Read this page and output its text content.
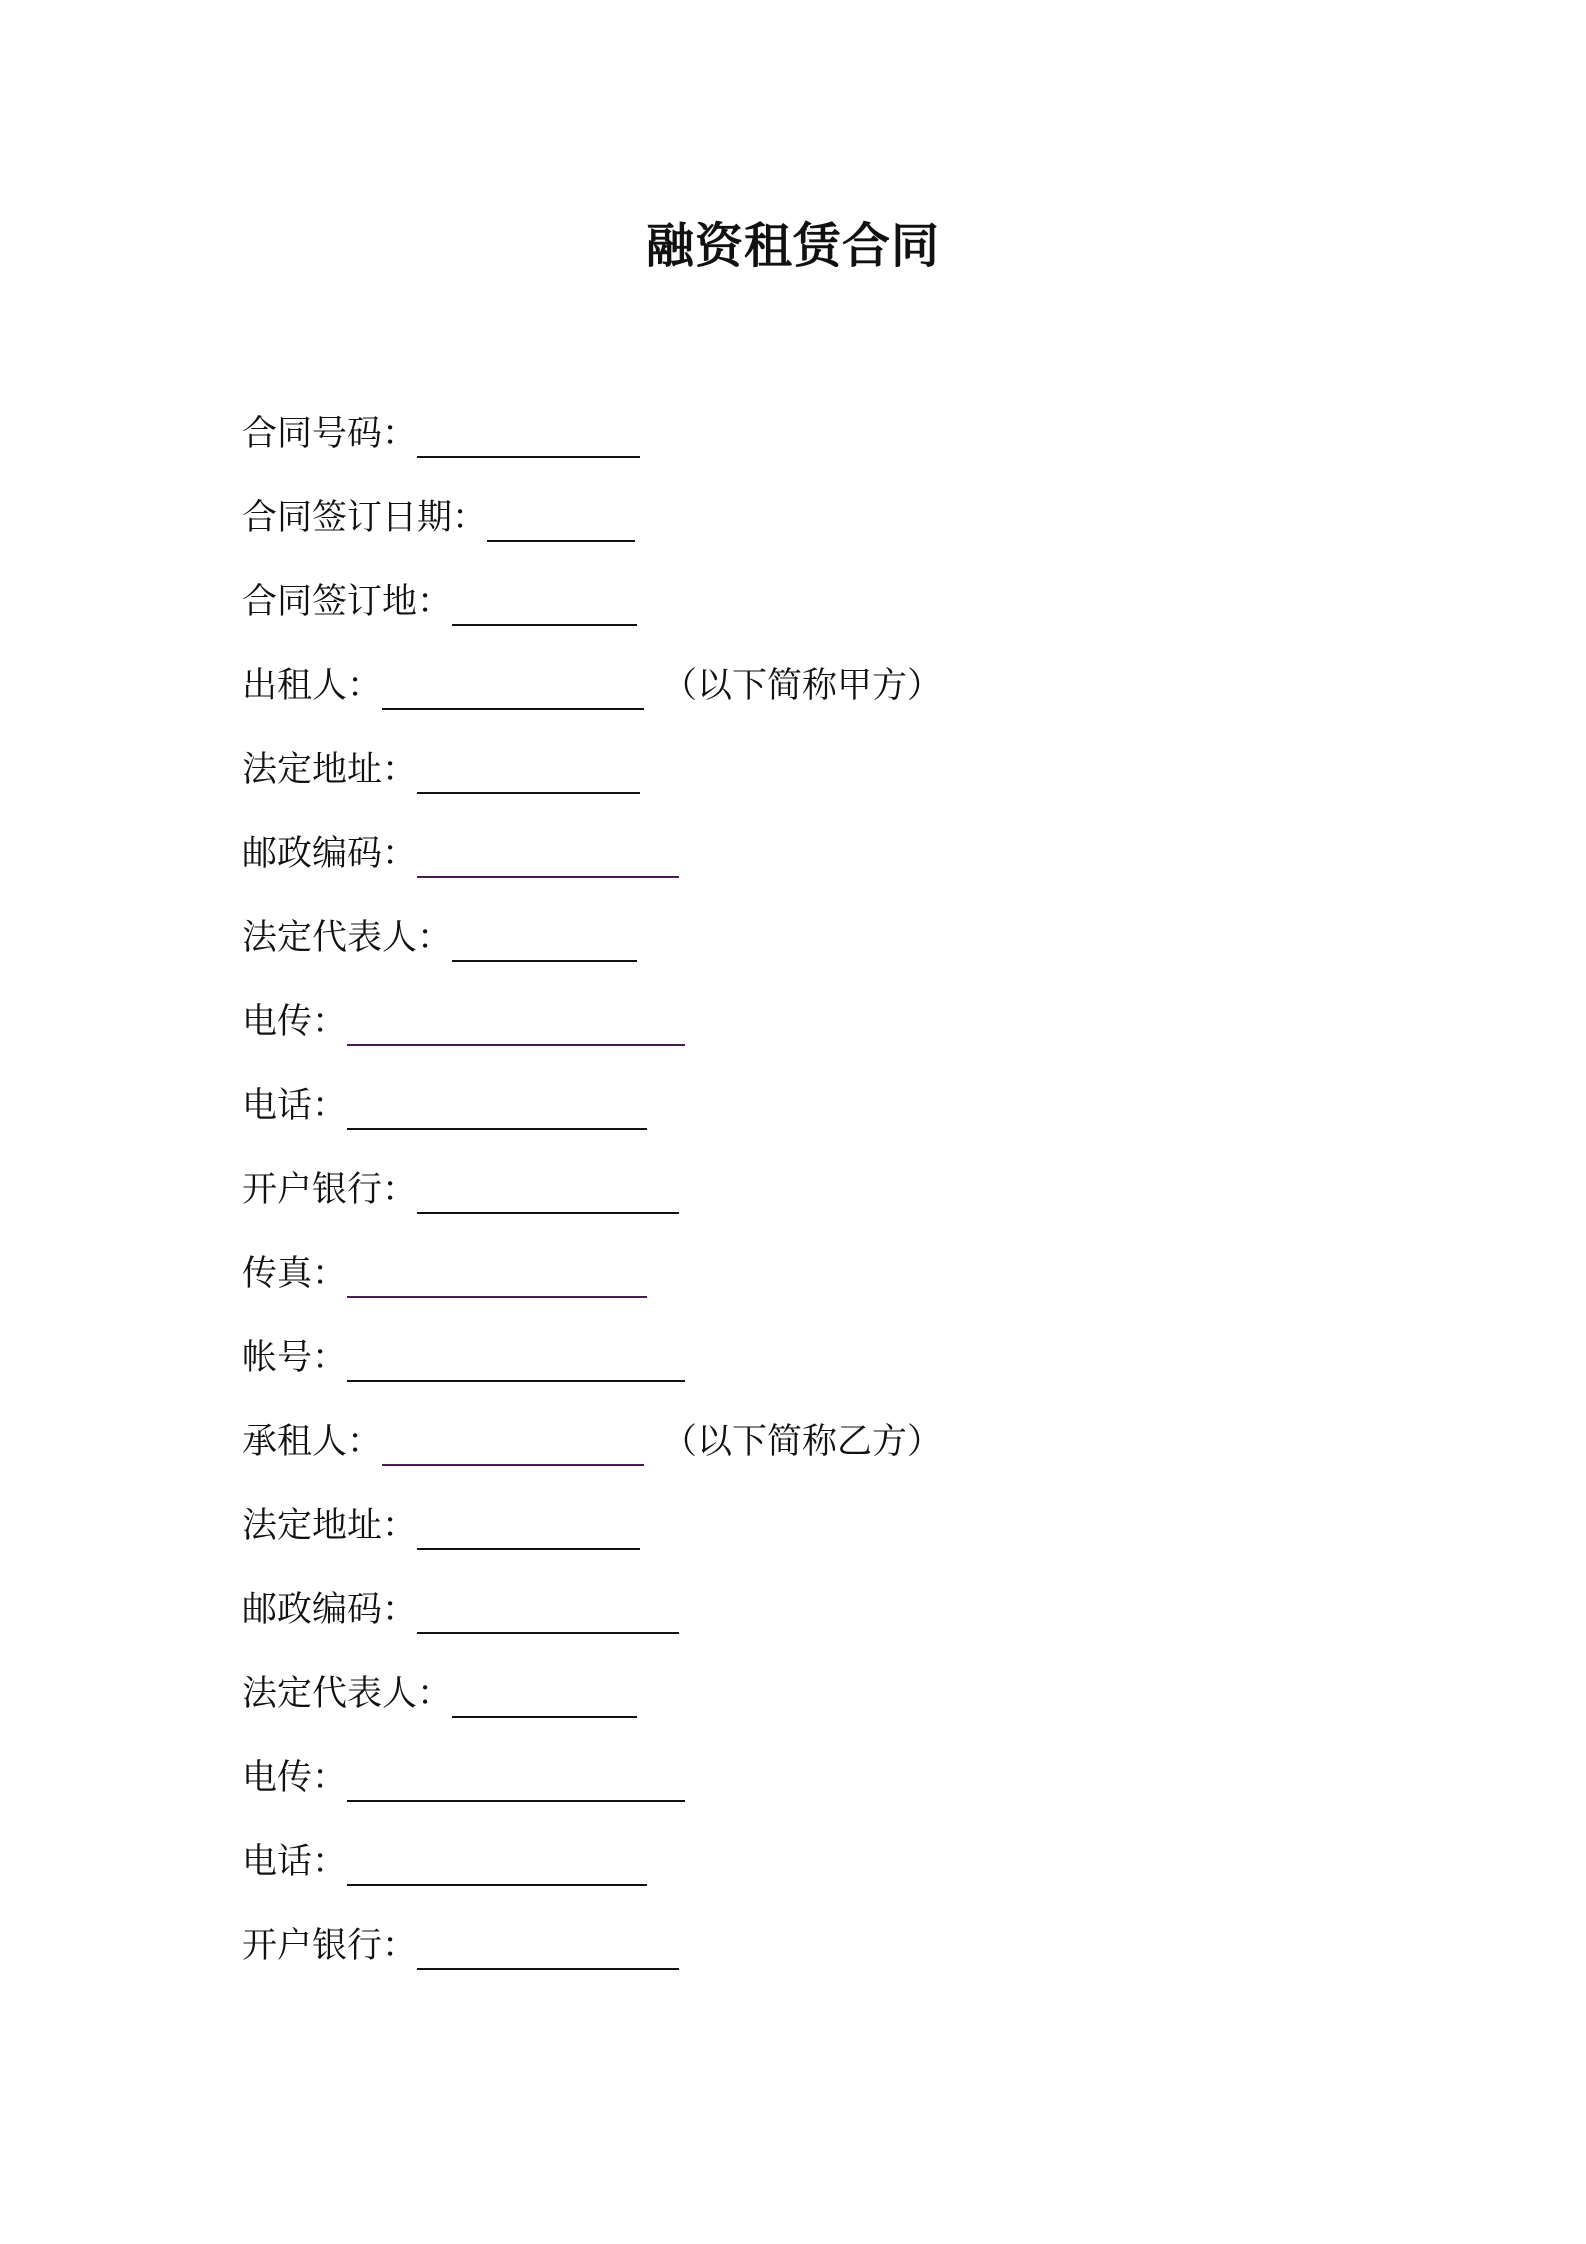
融资租赁合同
合同号码：
合同签订日期：
合同签订地：
出租人：	（以下简称甲方）
法定地址：
邮政编码：
法定代表人：
电传：
电话：
开户银行：
传真：
帐号：
承租人：	（以下简称乙方）
法定地址：
邮政编码：
法定代表人：
电传：
电话：
开户银行：
